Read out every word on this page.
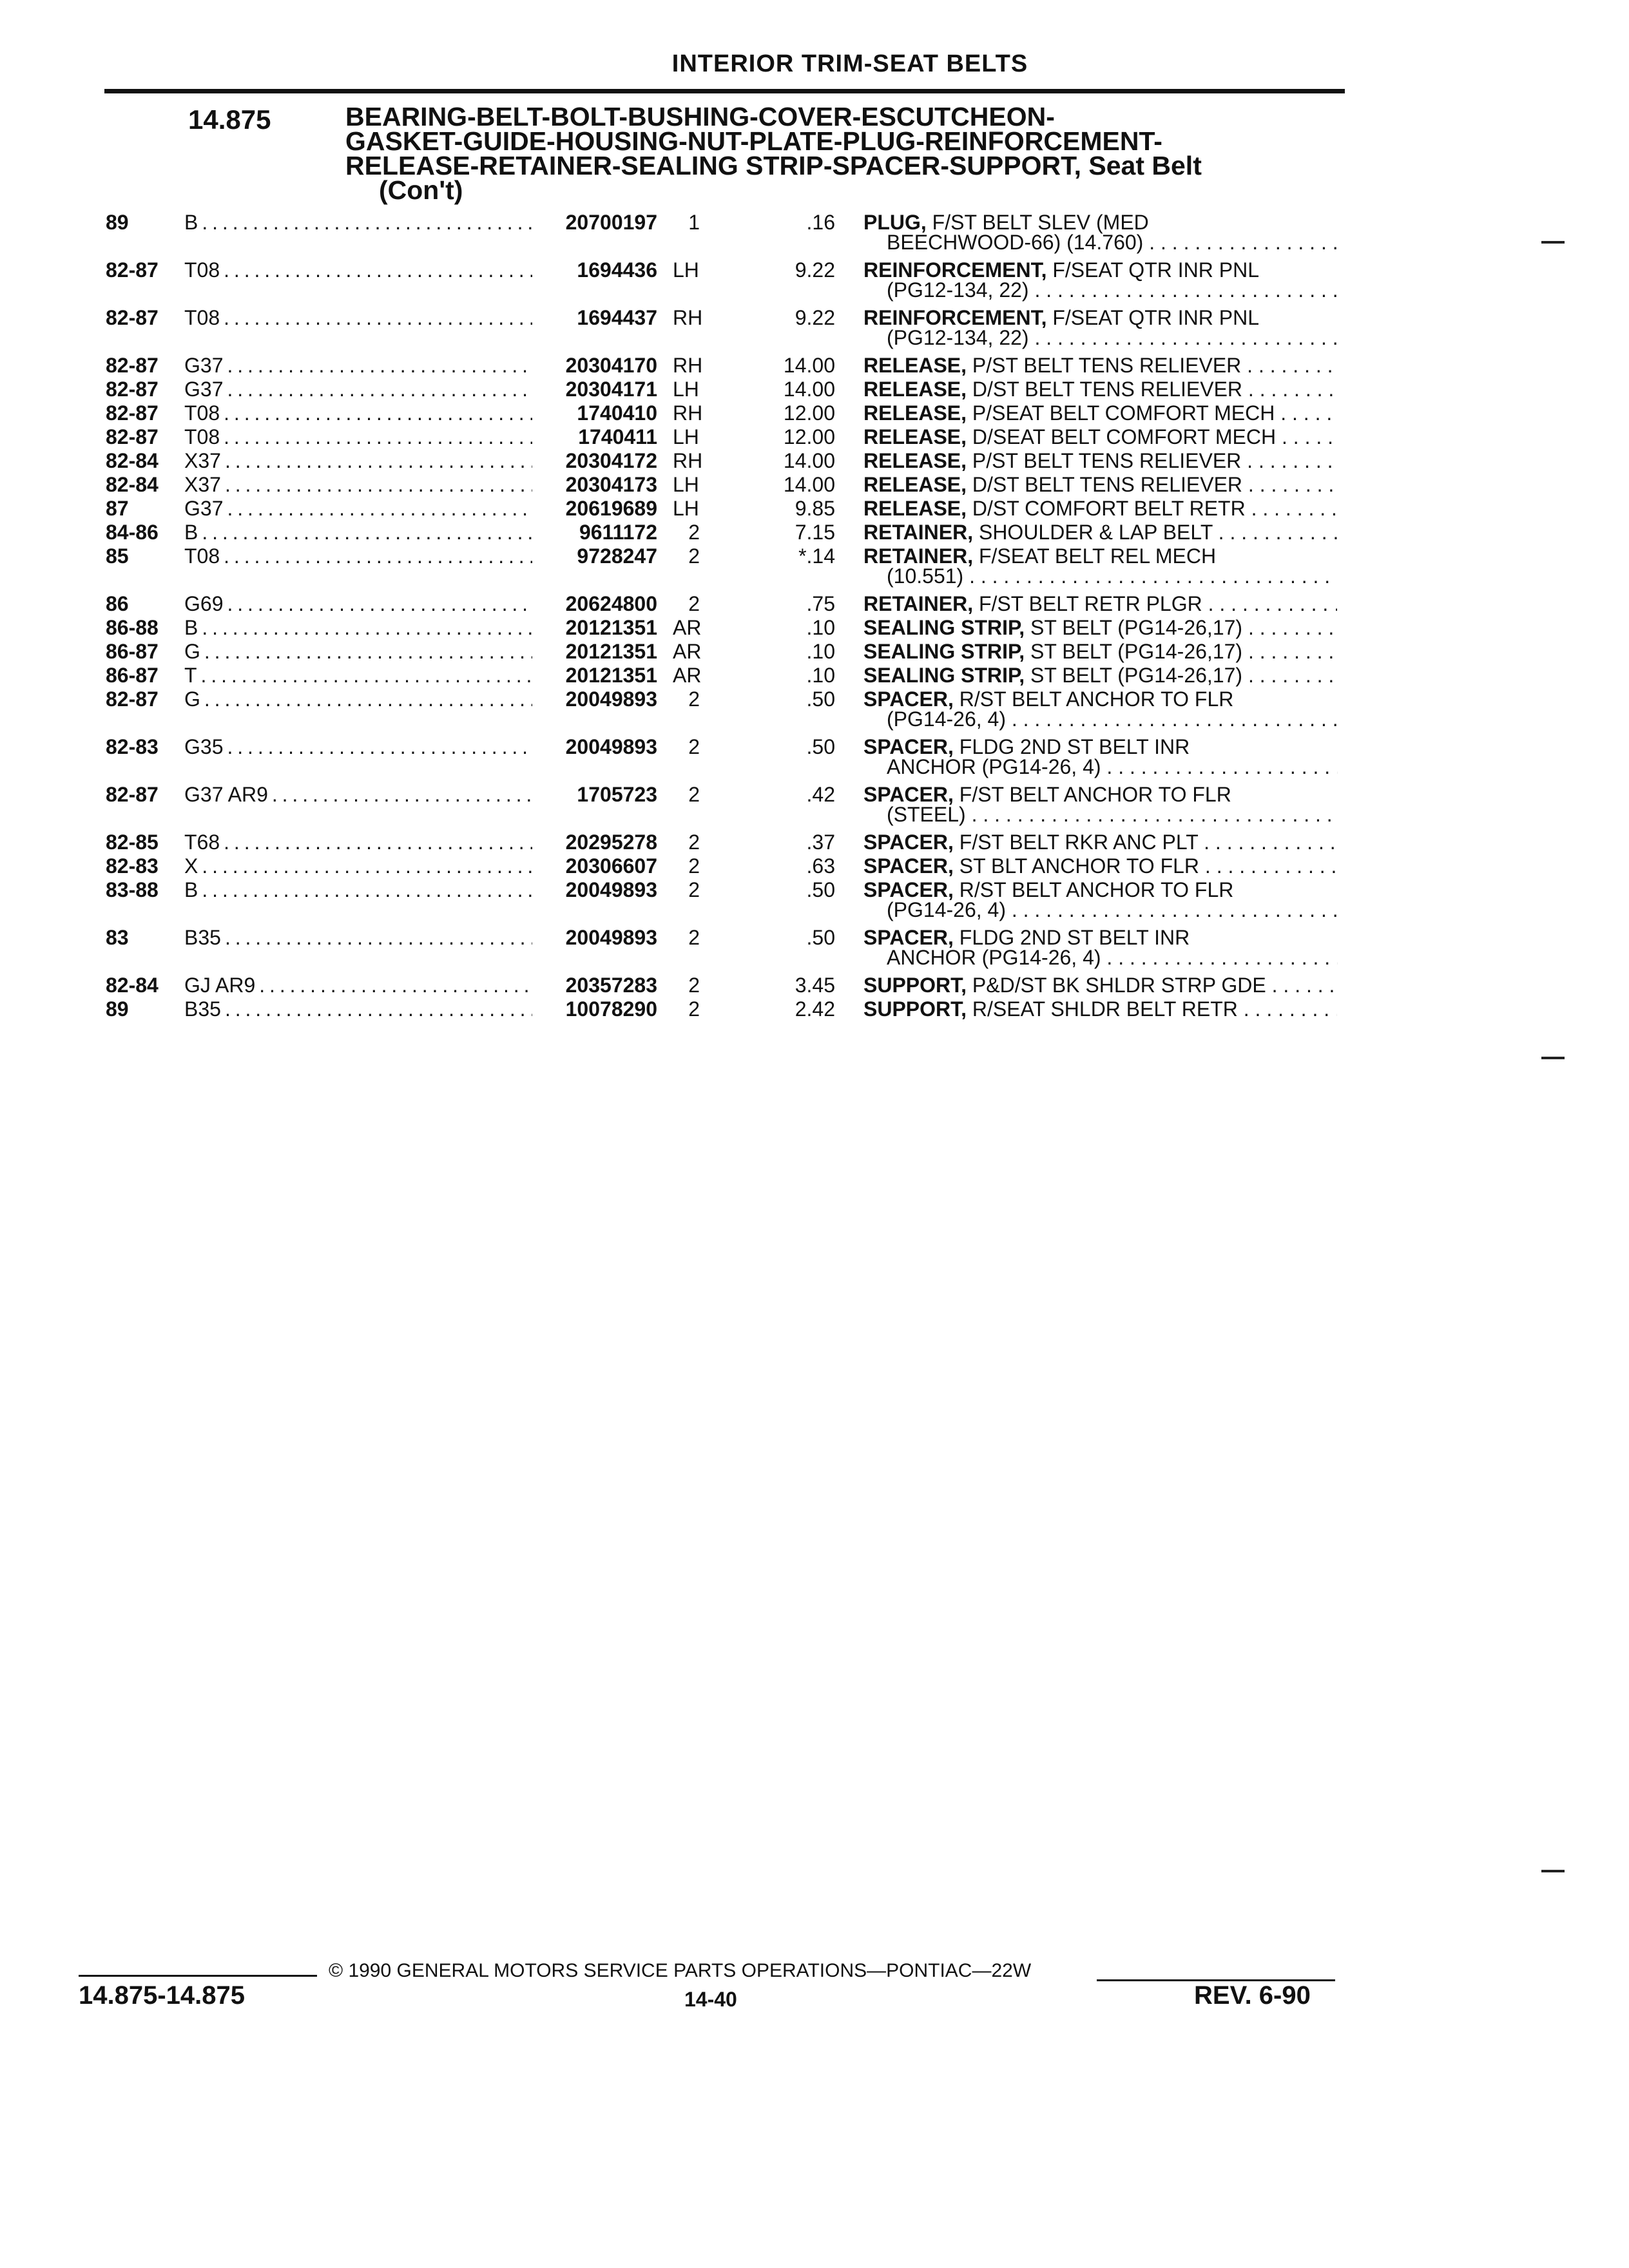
INTERIOR TRIM-SEAT BELTS
14.875	BEARING-BELT-BOLT-BUSHING-COVER-ESCUTCHEON-
GASKET-GUIDE-HOUSING-NUT-PLATE-PLUG-REINFORCEMENT-
RELEASE-RETAINER-SEALING STRIP-SPACER-SUPPORT, Seat Belt
(Con't)
89	B . . .	20700197	1	.16 PLUG, F/ST BELT SLEV (MED
BEECHWOOD-66) (14.760) . . .
82-87 T08 . . .	1694436 LH	9.22 REINFORCEMENT, F/SEAT QTR INR PNL
(PG12-134, 22) . . .
82-87 T08 . . .	1694437 RH	9.22 REINFORCEMENT, F/SEAT QTR INR PNL
(PG12-134, 22) . . .
82-87 G37 . . .	20304170 RH	14.00 RELEASE, P/ST BELT TENS RELIEVER . . .
82-87 G37 . . .	20304171 LH	14.00 RELEASE, D/ST BELT TENS RELIEVER . . .
82-87 T08 . . .	1740410 RH	12.00 RELEASE, P/SEAT BELT COMFORT MECH . . .
82-87 T08 . . .	1740411 LH	12.00 RELEASE, D/SEAT BELT COMFORT MECH . . .
82-84 X37 . . .	20304172 RH	14.00 RELEASE, P/ST BELT TENS RELIEVER . . .
82-84 X37 . . .	20304173 LH	14.00 RELEASE, D/ST BELT TENS RELIEVER . . .
87	G37 . . .	20619689 LH	9.85 RELEASE, D/ST COMFORT BELT RETR . . .
84-86 B . . .	9611172	2	7.15 RETAINER, SHOULDER & LAP BELT . . .
85	T08 . . .	9728247	2	*.14 RETAINER, F/SEAT BELT REL MECH
(10.551) . . .
86	G69 . . .	20624800	2	.75 RETAINER, F/ST BELT RETR PLGR . . .
86-88 B . . .	20121351 AR	.10 SEALING STRIP, ST BELT (PG14-26,17) . . .
86-87 G . . .	20121351 AR	.10 SEALING STRIP, ST BELT (PG14-26,17) . . .
86-87 T . . .	20121351 AR	.10 SEALING STRIP, ST BELT (PG14-26,17) . . .
82-87 G . . .	20049893	2	.50 SPACER, R/ST BELT ANCHOR TO FLR
(PG14-26, 4) . . .
82-83 G35 . . .	20049893	2	.50 SPACER, FLDG 2ND ST BELT INR
ANCHOR (PG14-26, 4) . . .
82-87 G37 AR9 . . .	1705723	2	.42 SPACER, F/ST BELT ANCHOR TO FLR
(STEEL) . . .
82-85 T68 . . .	20295278	2	.37 SPACER, F/ST BELT RKR ANC PLT . . .
82-83 X . . .	20306607	2	.63 SPACER, ST BLT ANCHOR TO FLR . . .
83-88 B . . .	20049893	2	.50 SPACER, R/ST BELT ANCHOR TO FLR
(PG14-26, 4) . . .
83	B35 . . .	20049893	2	.50 SPACER, FLDG 2ND ST BELT INR
ANCHOR (PG14-26, 4) . . .
82-84 GJ AR9 . . .	20357283	2	3.45 SUPPORT, P&D/ST BK SHLDR STRP GDE . . .
89	B35 . . .	10078290	2	2.42 SUPPORT, R/SEAT SHLDR BELT RETR . . .
© 1990 GENERAL MOTORS SERVICE PARTS OPERATIONS—PONTIAC—22W
14.875-14.875	14-40	REV. 6-90
